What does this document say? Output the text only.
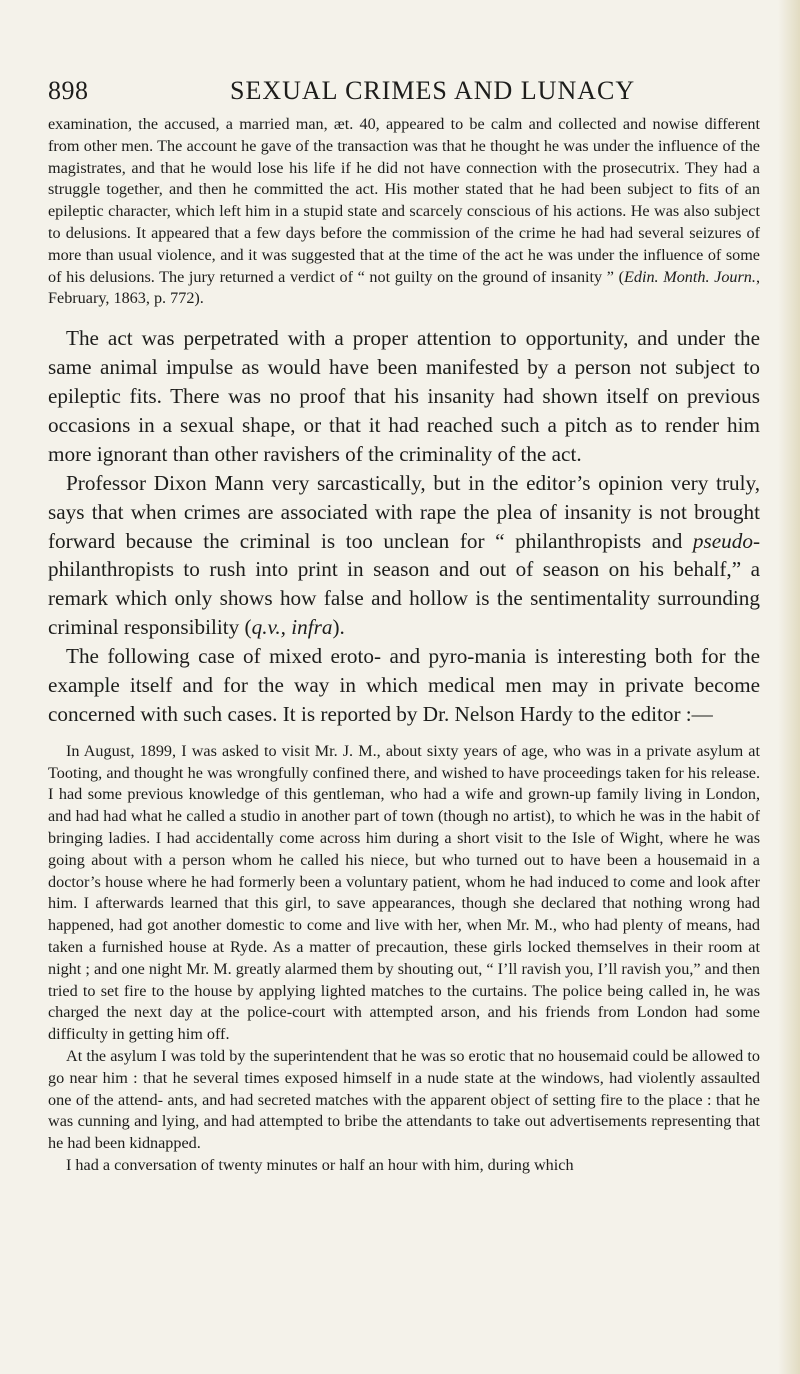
898	SEXUAL CRIMES AND LUNACY

examination, the accused, a married man, æt. 40, appeared to be calm and collected and nowise different from other men. The account he gave of the transaction was that he thought he was under the influence of the magistrates, and that he would lose his life if he did not have connection with the prosecutrix. They had a struggle together, and then he committed the act. His mother stated that he had been subject to fits of an epileptic character, which left him in a stupid state and scarcely conscious of his actions. He was also subject to delusions. It appeared that a few days before the commission of the crime he had had several seizures of more than usual violence, and it was suggested that at the time of the act he was under the influence of some of his delusions. The jury returned a verdict of “ not guilty on the ground of insanity ” (Edin. Month. Journ., February, 1863, p. 772).

The act was perpetrated with a proper attention to opportunity, and under the same animal impulse as would have been manifested by a person not subject to epileptic fits. There was no proof that his insanity had shown itself on previous occasions in a sexual shape, or that it had reached such a pitch as to render him more ignorant than other ravishers of the criminality of the act.

Professor Dixon Mann very sarcastically, but in the editor’s opinion very truly, says that when crimes are associated with rape the plea of insanity is not brought forward because the criminal is too unclean for “ philanthropists and pseudo-philanthropists to rush into print in season and out of season on his behalf,” a remark which only shows how false and hollow is the sentimentality surrounding criminal responsibility (q.v., infra).

The following case of mixed eroto- and pyro-mania is interesting both for the example itself and for the way in which medical men may in private become concerned with such cases. It is reported by Dr. Nelson Hardy to the editor :—

In August, 1899, I was asked to visit Mr. J. M., about sixty years of age, who was in a private asylum at Tooting, and thought he was wrongfully confined there, and wished to have proceedings taken for his release. I had some previous knowledge of this gentleman, who had a wife and grown-up family living in London, and had had what he called a studio in another part of town (though no artist), to which he was in the habit of bringing ladies. I had accidentally come across him during a short visit to the Isle of Wight, where he was going about with a person whom he called his niece, but who turned out to have been a housemaid in a doctor’s house where he had formerly been a voluntary patient, whom he had induced to come and look after him. I afterwards learned that this girl, to save appearances, though she declared that nothing wrong had happened, had got another domestic to come and live with her, when Mr. M., who had plenty of means, had taken a furnished house at Ryde. As a matter of precaution, these girls locked themselves in their room at night ; and one night Mr. M. greatly alarmed them by shouting out, “ I’ll ravish you, I’ll ravish you,” and then tried to set fire to the house by applying lighted matches to the curtains. The police being called in, he was charged the next day at the police-court with attempted arson, and his friends from London had some difficulty in getting him off.

At the asylum I was told by the superintendent that he was so erotic that no housemaid could be allowed to go near him : that he several times exposed himself in a nude state at the windows, had violently assaulted one of the attend- ants, and had secreted matches with the apparent object of setting fire to the place : that he was cunning and lying, and had attempted to bribe the attendants to take out advertisements representing that he had been kidnapped.

I had a conversation of twenty minutes or half an hour with him, during which
